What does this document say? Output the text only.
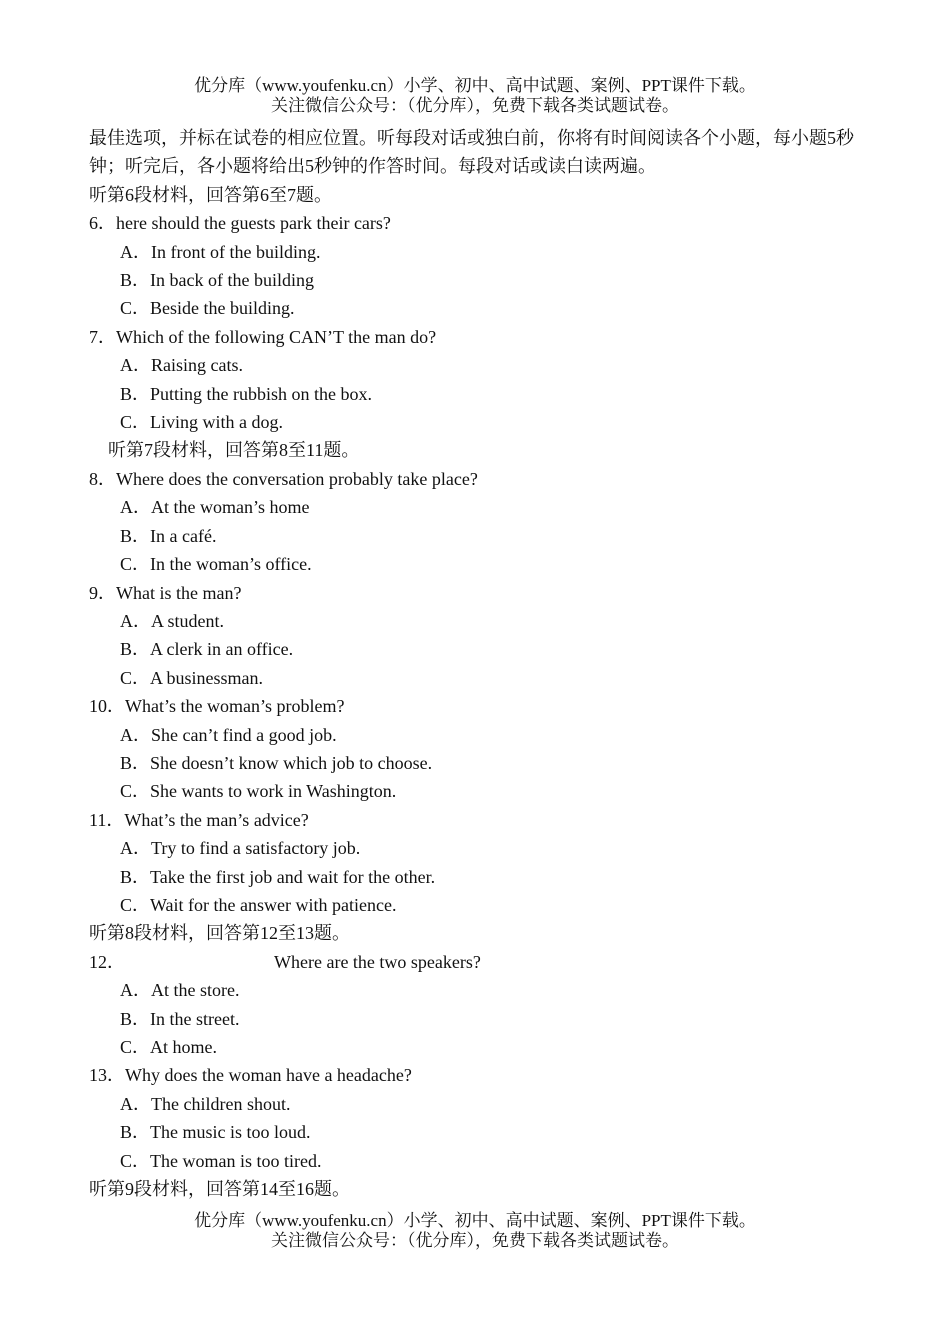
优分库（www.youfenku.cn）小学、初中、高中试题、案例、PPT课件下载。
关注微信公众号：（优分库），免费下载各类试题试卷。
最佳选项，并标在试卷的相应位置。听每段对话或独白前，你将有时间阅读各个小题，每小题5秒钟；听完后，各小题将给出5秒钟的作答时间。每段对话或读白读两遍。
听第6段材料，回答第6至7题。
6．here should the guests park their cars?
A．In front of the building.
B．In back of the building
C．Beside the building.
7．Which of the following CAN’T the man do?
A．Raising cats.
B．Putting the rubbish on the box.
C．Living with a dog.
听第7段材料，回答第8至11题。
8．Where does the conversation probably take place?
A．At the woman’s home
B．In a café.
C．In the woman’s office.
9．What is the man?
A．A student.
B．A clerk in an office.
C．A businessman.
10．What’s the woman’s problem?
A．She can’t find a good job.
B．She doesn’t know which job to choose.
C．She wants to work in Washington.
11．What’s the man’s advice?
A．Try to find a satisfactory job.
B．Take the first job and wait for the other.
C．Wait for the answer with patience.
听第8段材料，回答第12至13题。
12．	Where are the two speakers?
A．At the store.
B．In the street.
C．At home.
13．Why does the woman have a headache?
A．The children shout.
B．The music is too loud.
C．The woman is too tired.
听第9段材料，回答第14至16题。
优分库（www.youfenku.cn）小学、初中、高中试题、案例、PPT课件下载。
关注微信公众号：（优分库），免费下载各类试题试卷。
